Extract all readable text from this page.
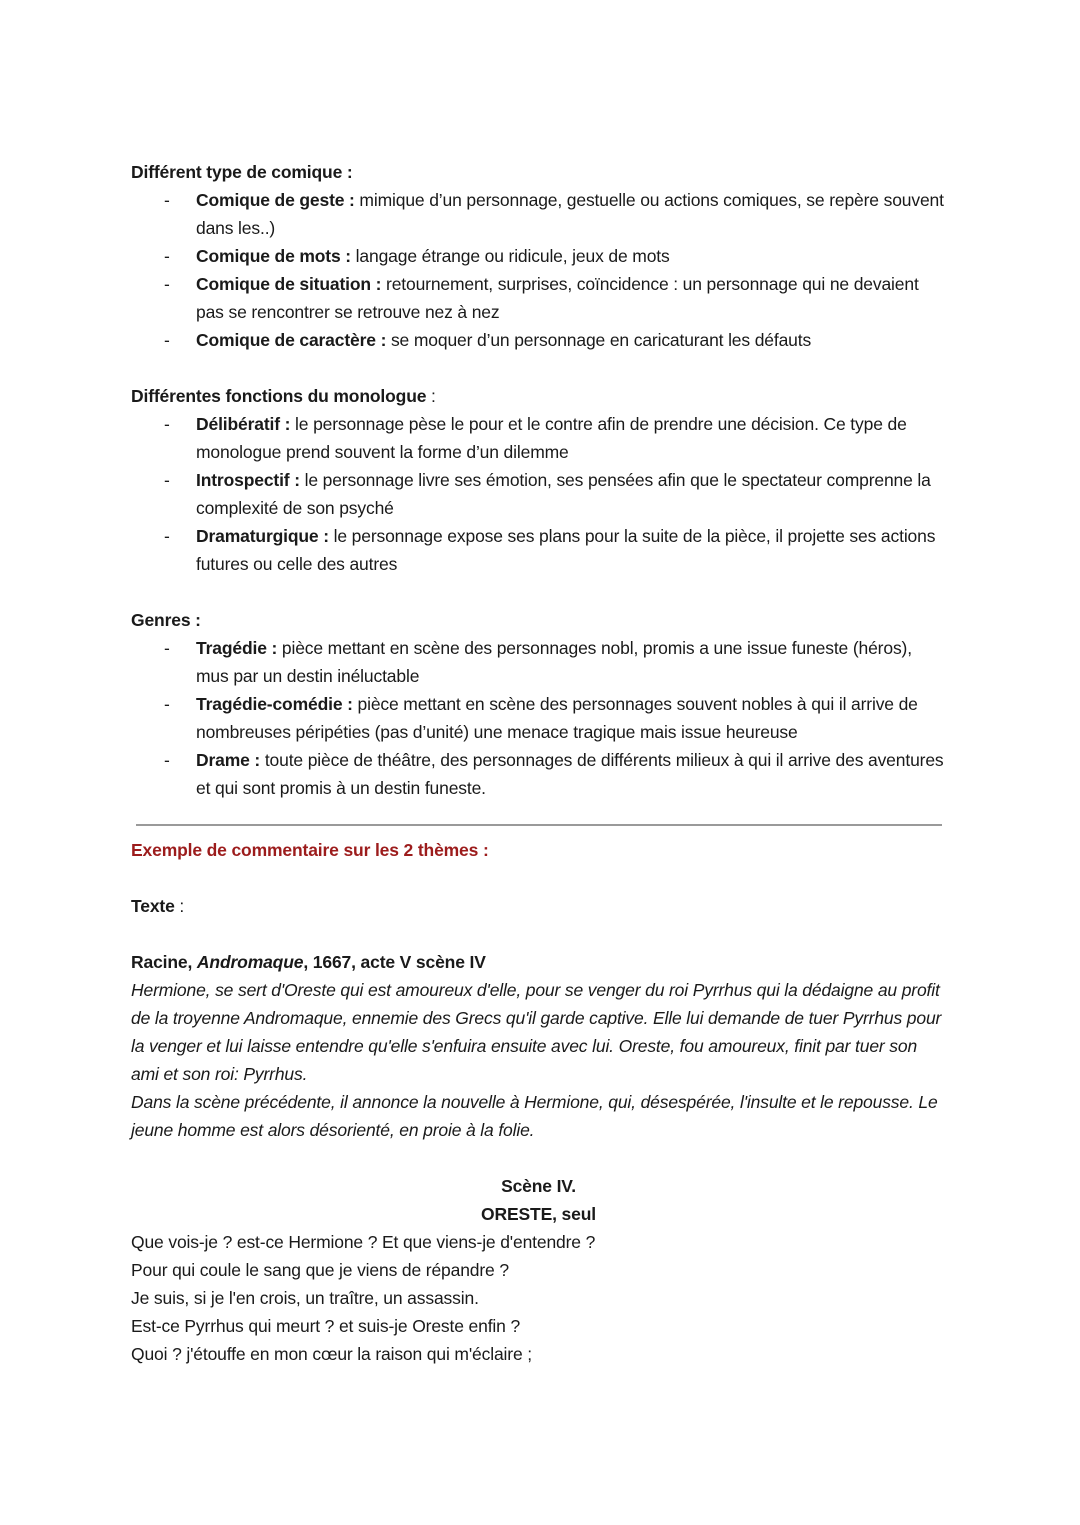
Différent type de comique :
- Comique de geste : mimique d’un personnage, gestuelle ou actions comiques, se repère souvent dans les..)
- Comique de mots : langage étrange ou ridicule, jeux de mots
- Comique de situation : retournement, surprises, coïncidence : un personnage qui ne devaient pas se rencontrer se retrouve nez à nez
- Comique de caractère : se moquer d’un personnage en caricaturant les défauts
Différentes fonctions du monologue :
- Délibératif : le personnage pèse le pour et le contre afin de prendre une décision. Ce type de monologue prend souvent la forme d’un dilemme
- Introspectif : le personnage livre ses émotion, ses pensées afin que le spectateur comprenne la complexité de son psyché
- Dramaturgique : le personnage expose ses plans pour la suite de la pièce, il projette ses actions futures ou celle des autres
Genres :
- Tragédie : pièce mettant en scène des personnages nobl, promis a une issue funeste (héros), mus par un destin inéluctable
- Tragédie-comédie : pièce mettant en scène des personnages souvent nobles à qui il arrive de nombreuses péripéties (pas d’unité) une menace tragique mais issue heureuse
- Drame : toute pièce de théâtre, des personnages de différents milieux à qui il arrive des aventures et qui sont promis à un destin funeste.
Exemple de commentaire sur les 2 thèmes :
Texte :
Racine, Andromaque, 1667, acte V scène IV
Hermione, se sert d'Oreste qui est amoureux d'elle, pour se venger du roi Pyrrhus qui la dédaigne au profit de la troyenne Andromaque, ennemie des Grecs qu'il garde captive. Elle lui demande de tuer Pyrrhus pour la venger et lui laisse entendre qu'elle s'enfuira ensuite avec lui. Oreste, fou amoureux, finit par tuer son ami et son roi: Pyrrhus.
Dans la scène précédente, il annonce la nouvelle à Hermione, qui, désespérée, l'insulte et le repousse. Le jeune homme est alors désorienté, en proie à la folie.
Scène IV.
ORESTE, seul
Que vois-je ? est-ce Hermione ? Et que viens-je d'entendre ?
Pour qui coule le sang que je viens de répandre ?
Je suis, si je l'en crois, un traître, un assassin.
Est-ce Pyrrhus qui meurt ? et suis-je Oreste enfin ?
Quoi ? j'étouffe en mon cœur la raison qui m'éclaire ;
